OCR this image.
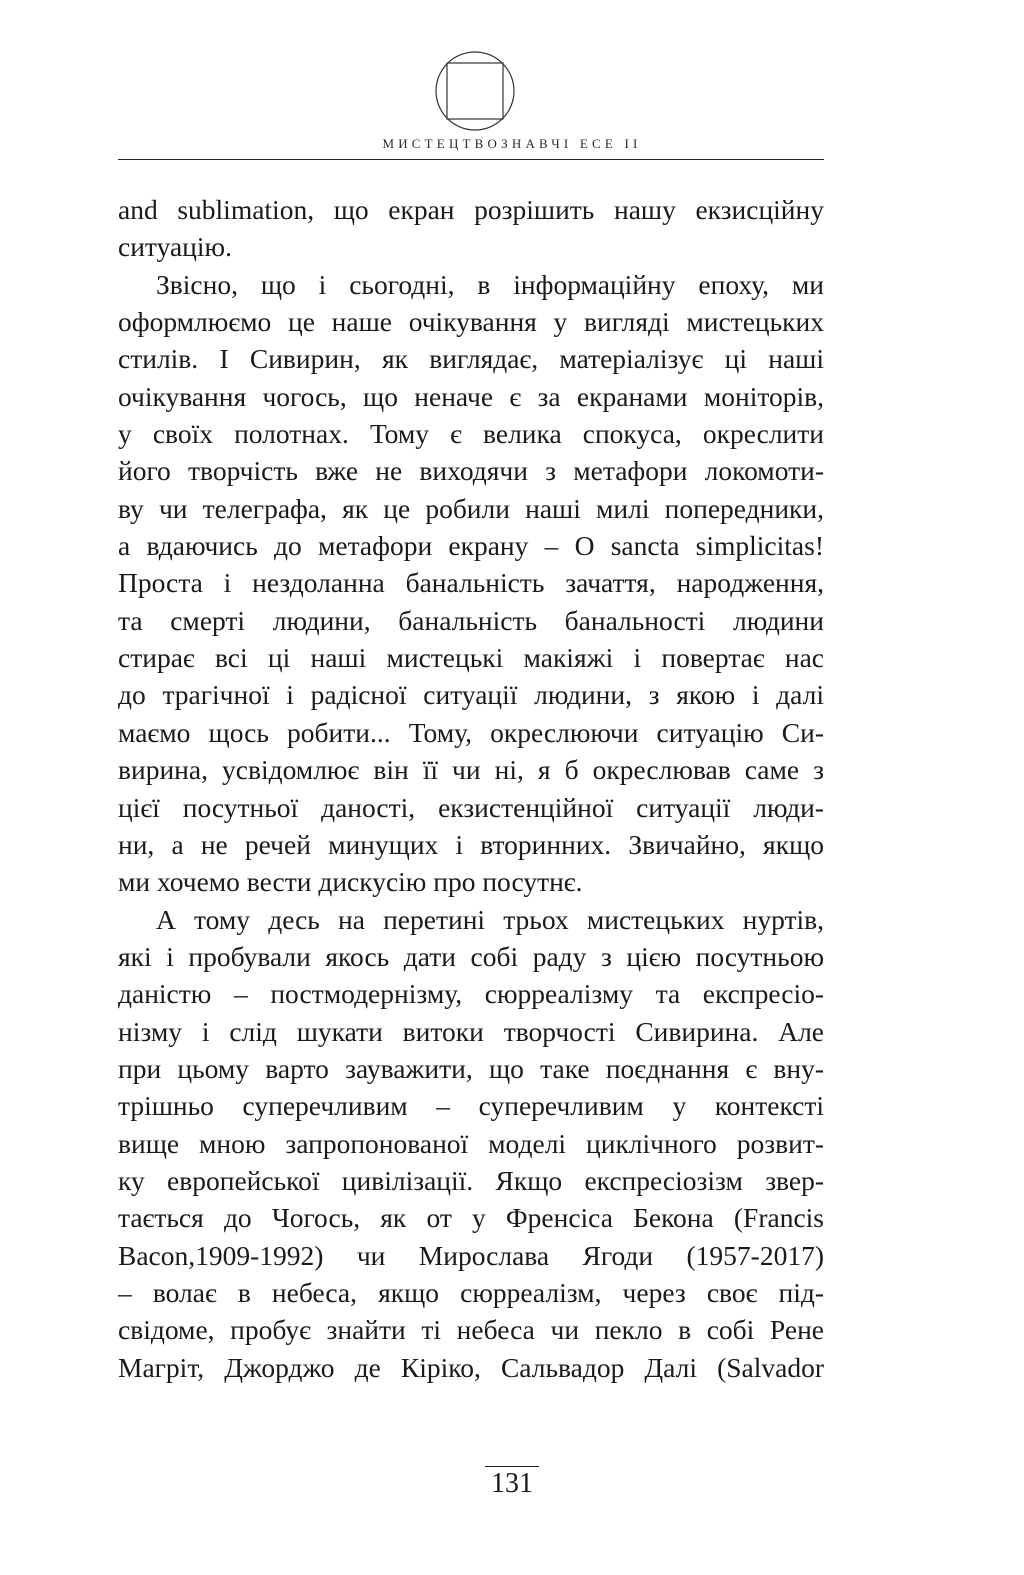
МИСТЕЦТВОЗНАВЧІ ЕСЕ ІІ
and sublimation, що екран розрішить нашу екзисційну
ситуацію.
Звісно, що і сьогодні, в інформаційну епоху, ми
оформлюємо це наше очікування у вигляді мистецьких
стилів. І Сивирин, як виглядає, матеріалізує ці наші
очікування чогось, що неначе є за екранами моніторів,
у своїх полотнах. Тому є велика спокуса, окреслити
його творчість вже не виходячи з метафори локомоти-
ву чи телеграфа, як це робили наші милі попередники,
а вдаючись до метафори екрану – O sancta simplicitas!
Проста і нездоланна банальність зачаття, народження,
та смерті людини, банальність банальності людини
стирає всі ці наші мистецькі макіяжі і повертає нас
до трагічної і радісної ситуації людини, з якою і далі
маємо щось робити... Тому, окреслюючи ситуацію Си-
вирина, усвідомлює він її чи ні, я б окреслював саме з
цієї посутньої даності, екзистенційної ситуації люди-
ни, а не речей минущих і вторинних. Звичайно, якщо
ми хочемо вести дискусію про посутнє.
А тому десь на перетині трьох мистецьких нуртів,
які і пробували якось дати собі раду з цією посутньою
даністю – постмодернізму, сюрреалізму та експресіо-
нізму і слід шукати витоки творчості Сивирина. Але
при цьому варто зауважити, що таке поєднання є вну-
трішньо суперечливим – суперечливим у контексті
вище мною запропонованої моделі циклічного розвит-
ку европейської цивілізації. Якщо експресіозізм звер-
тається до Чогось, як от у Френсіса Бекона (Francis
Bacon,1909-1992) чи Мирослава Ягоди (1957-2017)
– волає в небеса, якщо сюрреалізм, через своє під-
свідоме, пробує знайти ті небеса чи пекло в собі Рене
Магріт, Джорджо де Кіріко, Сальвадор Далі (Salvador
131
